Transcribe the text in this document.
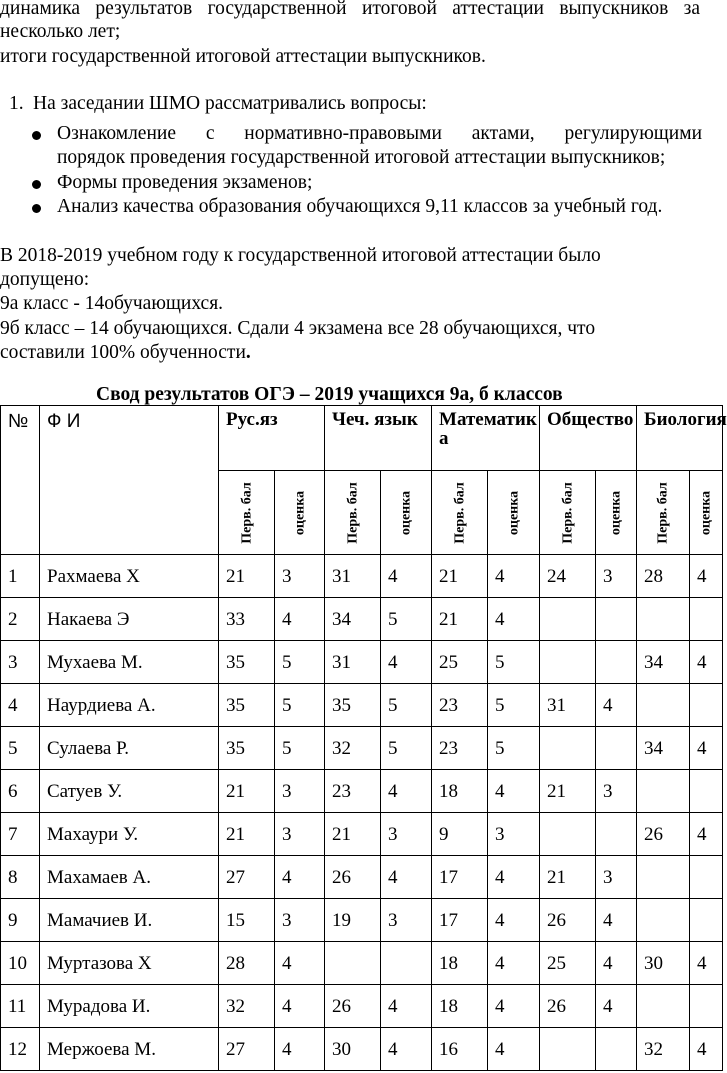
динамика результатов государственной итоговой аттестации выпускников за
несколько лет;
итоги государственной итоговой аттестации выпускников.
1. На заседании ШМО рассматривались вопросы:
Ознакомление с нормативно-правовыми актами, регулирующими
порядок проведения государственной итоговой аттестации выпускников;
Формы проведения экзаменов;
Анализ качества образования обучающихся 9,11 классов за учебный год.
В 2018-2019 учебном году к государственной итоговой аттестации было
допущено:
9а класс - 14обучающихся.
9б класс – 14 обучающихся. Сдали 4 экзамена все 28 обучающихся, что
составили 100% обученности.
Свод результатов ОГЭ – 2019 учащихся 9а, б классов
№	Ф И	Рус.яз		Чеч. язык		Математик а		Общество		Биология	

		Перв. бал	оценка	Перв. бал	оценка	Перв. бал	оценка	Перв. бал	оценка	Перв. бал	оценка

1	Рахмаева Х	21	3	31	4	21	4	24	3	28	4
2	Накаева Э	33	4	34	5	21	4				
3	Мухаева М.	35	5	31	4	25	5			34	4
4	Наурдиева А.	35	5	35	5	23	5	31	4		
5	Сулаева Р.	35	5	32	5	23	5			34	4
6	Сатуев У.	21	3	23	4	18	4	21	3		
7	Махаури У.	21	3	21	3	9	3			26	4
8	Махамаев А.	27	4	26	4	17	4	21	3		
9	Мамачиев И.	15	3	19	3	17	4	26	4		
10	Муртазова Х	28	4			18	4	25	4	30	4
11	Мурадова И.	32	4	26	4	18	4	26	4		
12	Мержоева М.	27	4	30	4	16	4			32	4
